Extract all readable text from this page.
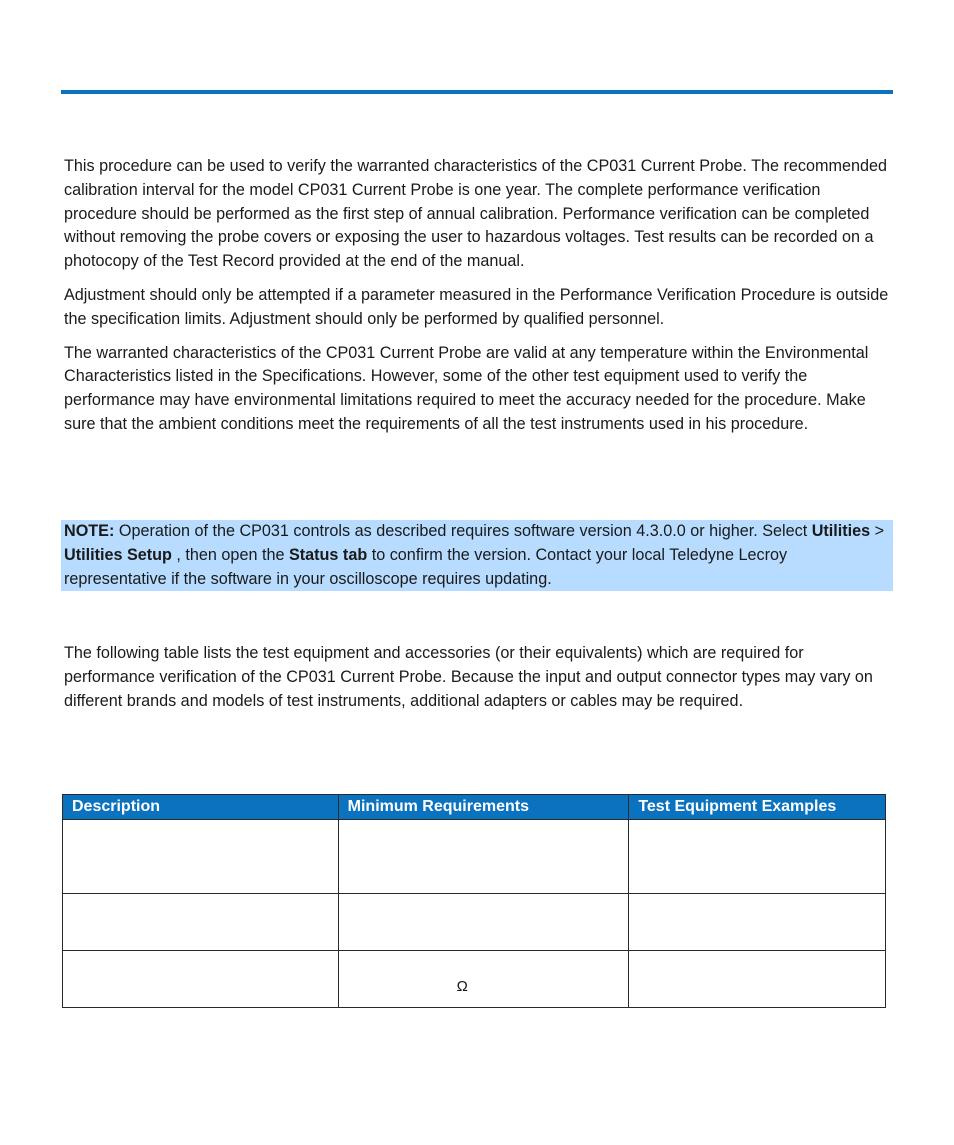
This procedure can be used to verify the warranted characteristics of the CP031 Current Probe. The recommended calibration interval for the model CP031 Current Probe is one year. The complete performance verification procedure should be performed as the first step of annual calibration. Performance verification can be completed without removing the probe covers or exposing the user to hazardous voltages. Test results can be recorded on a photocopy of the Test Record provided at the end of the manual.

Adjustment should only be attempted if a parameter measured in the Performance Verification Procedure is outside the specification limits. Adjustment should only be performed by qualified personnel.

The warranted characteristics of the CP031 Current Probe are valid at any temperature within the Environmental Characteristics listed in the Specifications. However, some of the other test equipment used to verify the performance may have environmental limitations required to meet the accuracy needed for the procedure. Make sure that the ambient conditions meet the requirements of all the test instruments used in his procedure.

NOTE: Operation of the CP031 controls as described requires software version 4.3.0.0 or higher. Select Utilities > Utilities Setup , then open the Status tab to confirm the version. Contact your local Teledyne Lecroy representative if the software in your oscilloscope requires updating.

The following table lists the test equipment and accessories (or their equivalents) which are required for performance verification of the CP031 Current Probe. Because the input and output connector types may vary on different brands and models of test instruments, additional adapters or cables may be required.

Description	Minimum Requirements	Test Equipment Examples

	Ω	
